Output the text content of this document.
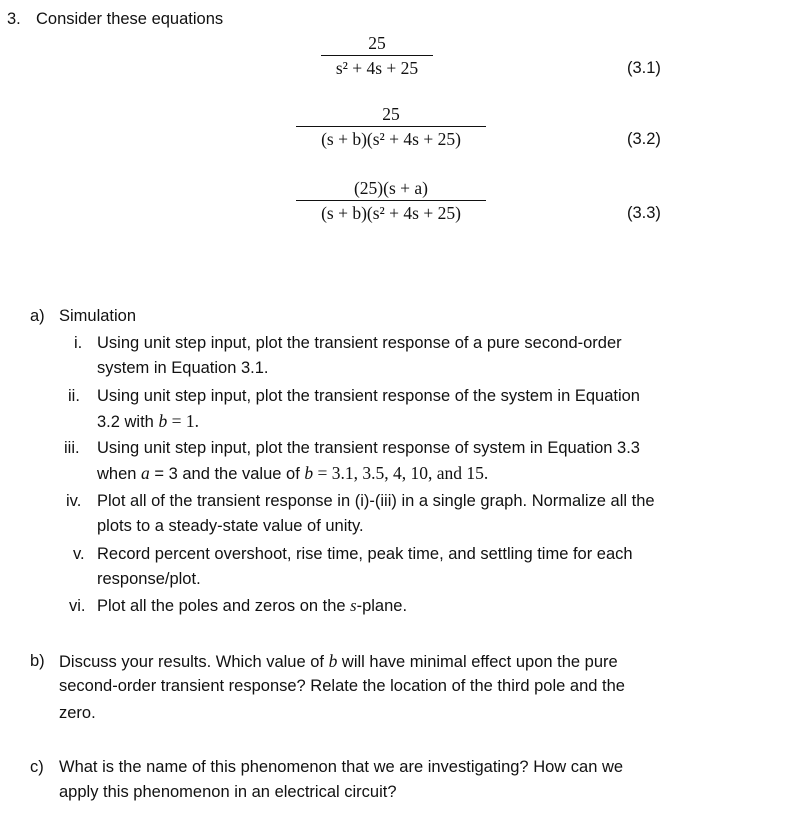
3. Consider these equations
25
s² + 4s + 25	(3.1)
25
(s + b)(s² + 4s + 25)	(3.2)
(25)(s + a)
(s + b)(s² + 4s + 25)	(3.3)
a) Simulation
i. Using unit step input, plot the transient response of a pure second-order
system in Equation 3.1.
ii. Using unit step input, plot the transient response of the system in Equation
3.2 with b = 1.
iii. Using unit step input, plot the transient response of system in Equation 3.3
when a = 3 and the value of b = 3.1, 3.5, 4, 10, and 15.
iv. Plot all of the transient response in (i)-(iii) in a single graph. Normalize all the
plots to a steady-state value of unity.
v. Record percent overshoot, rise time, peak time, and settling time for each
response/plot.
vi. Plot all the poles and zeros on the s-plane.
b) Discuss your results. Which value of b will have minimal effect upon the pure
second-order transient response? Relate the location of the third pole and the
zero.
c) What is the name of this phenomenon that we are investigating? How can we
apply this phenomenon in an electrical circuit?
